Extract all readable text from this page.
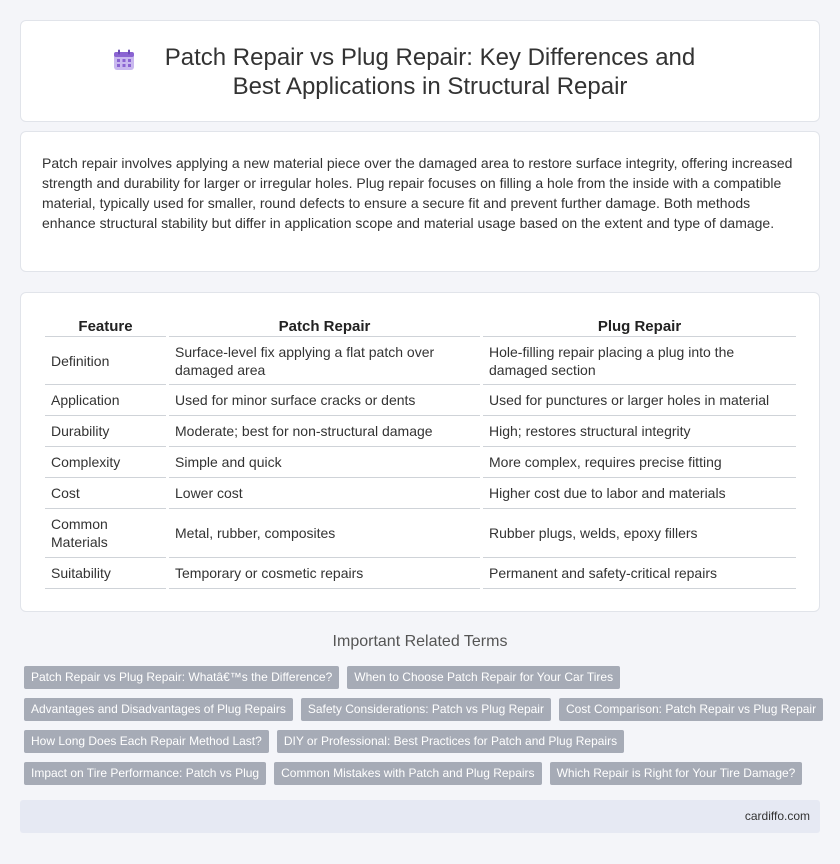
Patch Repair vs Plug Repair: Key Differences and Best Applications in Structural Repair

Patch repair involves applying a new material piece over the damaged area to restore surface integrity, offering increased strength and durability for larger or irregular holes. Plug repair focuses on filling a hole from the inside with a compatible material, typically used for smaller, round defects to ensure a secure fit and prevent further damage. Both methods enhance structural stability but differ in application scope and material usage based on the extent and type of damage.

Feature	Patch Repair	Plug Repair
Definition	Surface-level fix applying a flat patch over damaged area	Hole-filling repair placing a plug into the damaged section
Application	Used for minor surface cracks or dents	Used for punctures or larger holes in material
Durability	Moderate; best for non-structural damage	High; restores structural integrity
Complexity	Simple and quick	More complex, requires precise fitting
Cost	Lower cost	Higher cost due to labor and materials
Common Materials	Metal, rubber, composites	Rubber plugs, welds, epoxy fillers
Suitability	Temporary or cosmetic repairs	Permanent and safety-critical repairs
Important Related Terms
Patch Repair vs Plug Repair: Whatâ€™s the Difference?	When to Choose Patch Repair for Your Car Tires
Advantages and Disadvantages of Plug Repairs	Safety Considerations: Patch vs Plug Repair	Cost Comparison: Patch Repair vs Plug Repair
How Long Does Each Repair Method Last?	DIY or Professional: Best Practices for Patch and Plug Repairs
Impact on Tire Performance: Patch vs Plug	Common Mistakes with Patch and Plug Repairs	Which Repair is Right for Your Tire Damage?
cardiffo.com
